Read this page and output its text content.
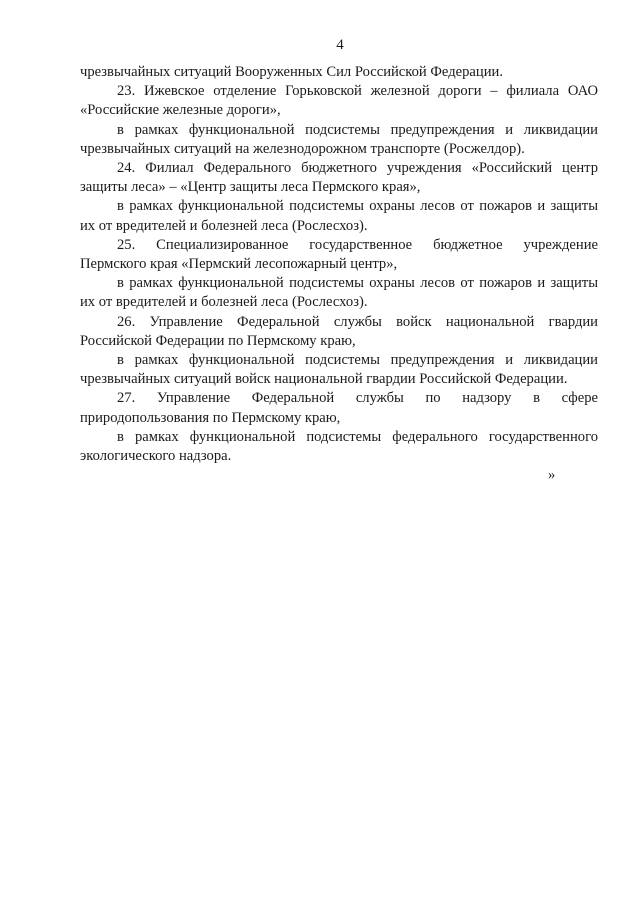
4

чрезвычайных ситуаций Вооруженных Сил Российской Федерации.

23. Ижевское отделение Горьковской железной дороги – филиала ОАО «Российские железные дороги»,

в рамках функциональной подсистемы предупреждения и ликвидации чрезвычайных ситуаций на железнодорожном транспорте (Росжелдор).

24. Филиал Федерального бюджетного учреждения «Российский центр защиты леса» – «Центр защиты леса Пермского края»,

в рамках функциональной подсистемы охраны лесов от пожаров и защиты их от вредителей и болезней леса (Рослесхоз).

25. Специализированное государственное бюджетное учреждение Пермского края «Пермский лесопожарный центр»,

в рамках функциональной подсистемы охраны лесов от пожаров и защиты их от вредителей и болезней леса (Рослесхоз).

26. Управление Федеральной службы войск национальной гвардии Российской Федерации по Пермскому краю,

в рамках функциональной подсистемы предупреждения и ликвидации чрезвычайных ситуаций войск национальной гвардии Российской Федерации.

27. Управление Федеральной службы по надзору в сфере природопользования по Пермскому краю,

в рамках функциональной подсистемы федерального государственного экологического надзора.

»
